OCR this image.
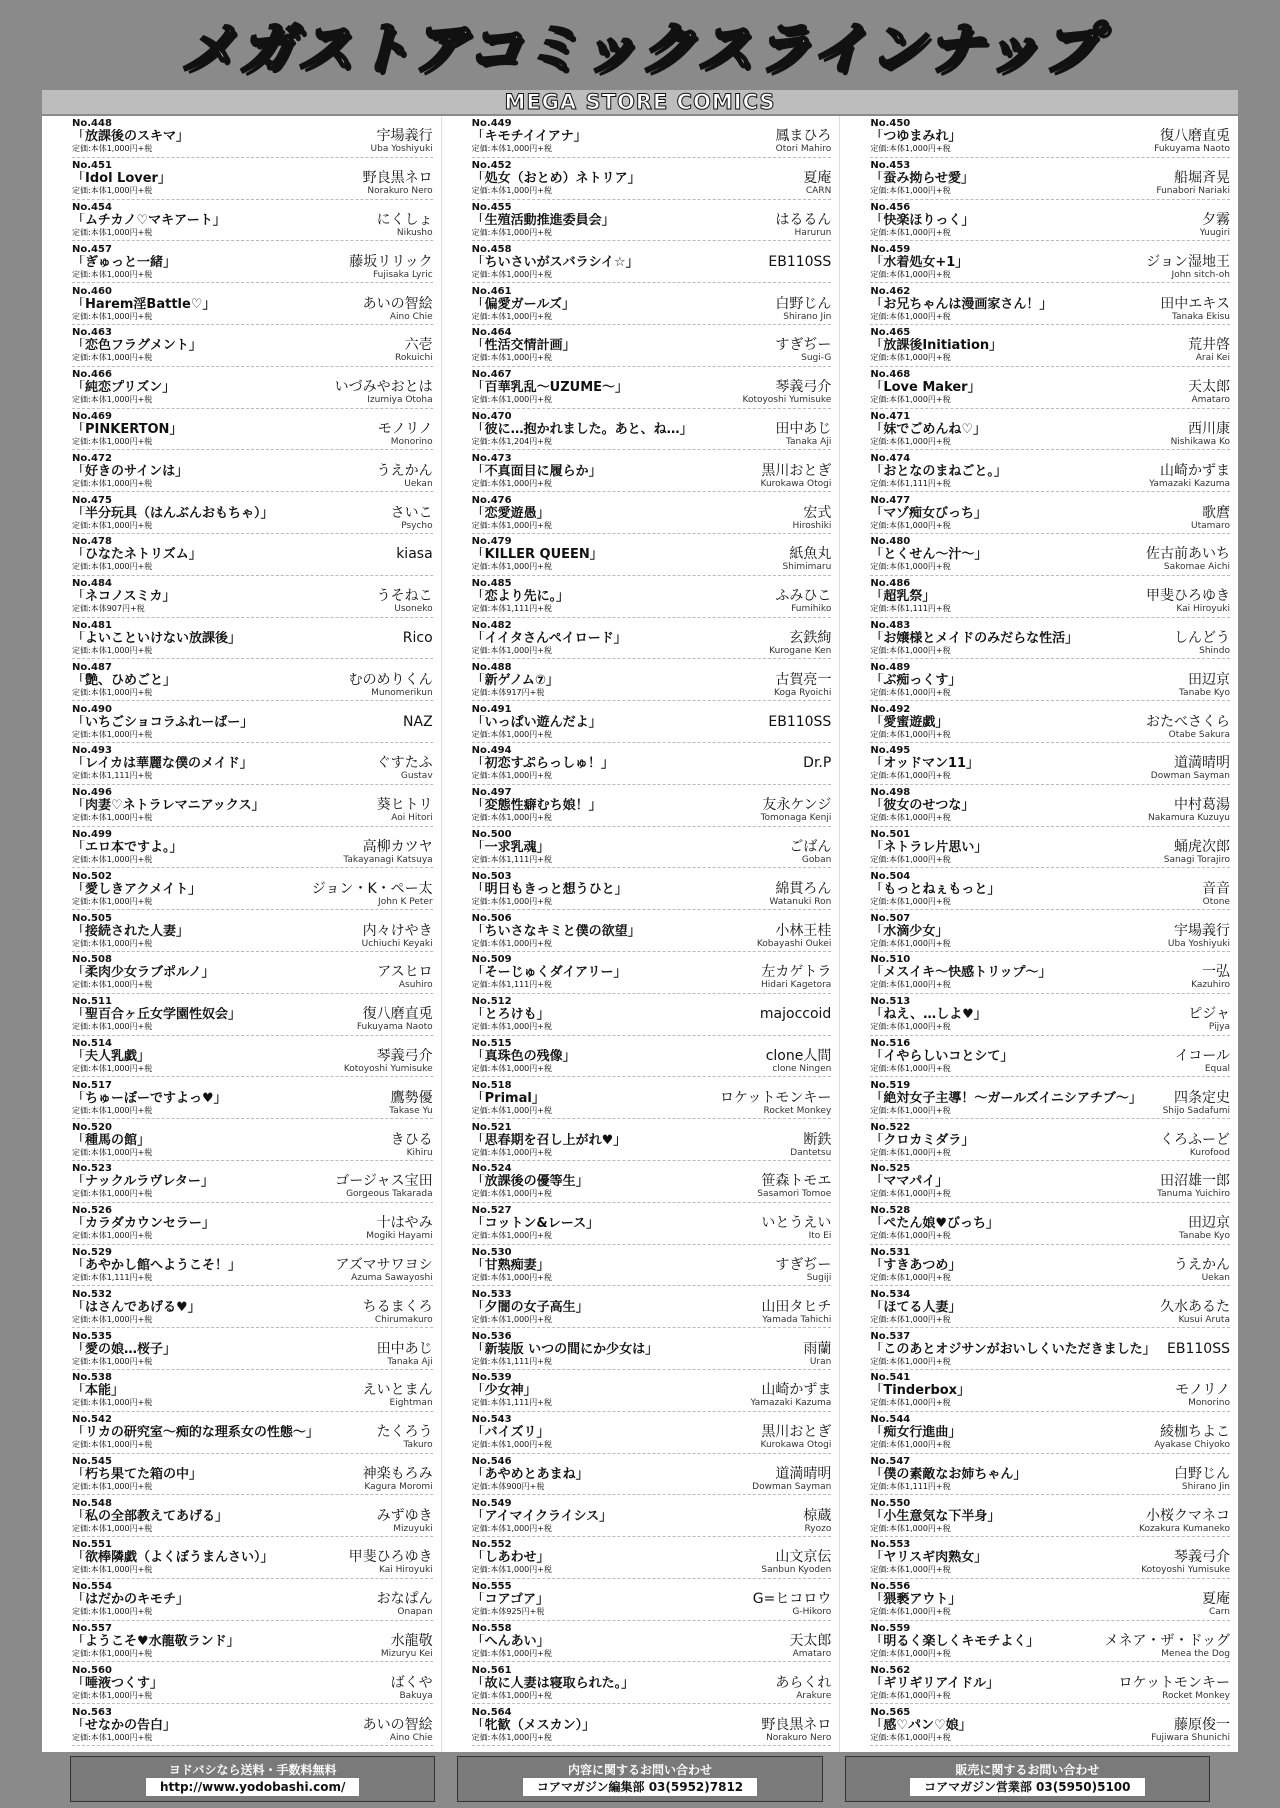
メガストアコミックスラインナップ
MEGA STORE COMICS
No.448
「放課後のスキマ」	宇場義行
定価:本体1,000円+税	Uba Yoshiyuki
No.451
「Idol Lover」	野良黒ネロ
定価:本体1,000円+税	Norakuro Nero
No.454
「ムチカノ♡マキアート」	にくしょ
定価:本体1,000円+税	Nikusho
No.457
「ぎゅっと一緒」	藤坂リリック
定価:本体1,000円+税	Fujisaka Lyric
No.460
「Harem淫Battle♡」	あいの智絵
定価:本体1,000円+税	Aino Chie
No.463
「恋色フラグメント」	六壱
定価:本体1,000円+税	Rokuichi
No.466
「純恋プリズン」	いづみやおとは
定価:本体1,000円+税	Izumiya Otoha
No.469
「PINKERTON」	モノリノ
定価:本体1,000円+税	Monorino
No.472
「好きのサインは」	うえかん
定価:本体1,000円+税	Uekan
No.475
「半分玩具（はんぶんおもちゃ）」	さいこ
定価:本体1,000円+税	Psycho
No.478
「ひなたネトリズム」	kiasa
定価:本体1,000円+税
No.484
「ネコノスミカ」	うそねこ
定価:本体907円+税	Usoneko
No.481
「よいこといけない放課後」	Rico
定価:本体1,000円+税
No.487
「艶、ひめごと」	むのめりくん
定価:本体1,000円+税	Munomerikun
No.490
「いちごショコラふれーばー」	NAZ
定価:本体1,000円+税
No.493
「レイカは華麗な僕のメイド」	ぐすたふ
定価:本体1,111円+税	Gustav
No.496
「肉妻♡ネトラレマニアックス」	葵ヒトリ
定価:本体1,000円+税	Aoi Hitori
No.499
「エロ本ですよ。」	高柳カツヤ
定価:本体1,000円+税	Takayanagi Katsuya
No.502
「愛しきアクメイト」	ジョン・K・ペー太
定価:本体1,000円+税	John K Peter
No.505
「接続された人妻」	内々けやき
定価:本体1,000円+税	Uchiuchi Keyaki
No.508
「柔肉少女ラブポルノ」	アスヒロ
定価:本体1,000円+税	Asuhiro
No.511
「聖百合ヶ丘女学園性奴会」	復八磨直兎
定価:本体1,000円+税	Fukuyama Naoto
No.514
「夫人乳戯」	琴義弓介
定価:本体1,000円+税	Kotoyoshi Yumisuke
No.517
「ちゅーぼーですよっ♥」	鷹勢優
定価:本体1,000円+税	Takase Yu
No.520
「種馬の館」	きひる
定価:本体1,000円+税	Kihiru
No.523
「ナックルラヴレター」	ゴージャス宝田
定価:本体1,000円+税	Gorgeous Takarada
No.526
「カラダカウンセラー」	十はやみ
定価:本体1,000円+税	Mogiki Hayami
No.529
「あやかし館へようこそ！」	アズマサワヨシ
定価:本体1,111円+税	Azuma Sawayoshi
No.532
「はさんであげる♥」	ちるまくろ
定価:本体1,000円+税	Chirumakuro
No.535
「愛の娘…桜子」	田中あじ
定価:本体1,000円+税	Tanaka Aji
No.538
「本能」	えいとまん
定価:本体1,000円+税	Eightman
No.542
「リカの研究室～痴的な理系女の性態～」	たくろう
定価:本体1,000円+税	Takuro
No.545
「朽ち果てた箱の中」	神楽もろみ
定価:本体1,000円+税	Kagura Moromi
No.548
「私の全部教えてあげる」	みずゆき
定価:本体1,000円+税	Mizuyuki
No.551
「欲棒隣戯（よくぼうまんさい）」	甲斐ひろゆき
定価:本体1,000円+税	Kai Hiroyuki
No.554
「はだかのキモチ」	おなぱん
定価:本体1,000円+税	Onapan
No.557
「ようこそ♥水龍敬ランド」	水龍敬
定価:本体1,000円+税	Mizuryu Kei
No.560
「唾液つくす」	ばくや
定価:本体1,000円+税	Bakuya
No.563
「せなかの告白」	あいの智絵
定価:本体1,000円+税	Aino Chie
No.449
「キモチイイアナ」	鳳まひろ
定価:本体1,000円+税	Otori Mahiro
No.452
「処女（おとめ）ネトリア」	夏庵
定価:本体1,000円+税	CARN
No.455
「生殖活動推進委員会」	はるるん
定価:本体1,000円+税	Harurun
No.458
「ちいさいがスバラシイ☆」	EB110SS
定価:本体1,000円+税
No.461
「偏愛ガールズ」	白野じん
定価:本体1,000円+税	Shirano Jin
No.464
「性活交情計画」	すぎぢー
定価:本体1,000円+税	Sugi-G
No.467
「百華乳乱～UZUME～」	琴義弓介
定価:本体1,000円+税	Kotoyoshi Yumisuke
No.470
「彼に…抱かれました。あと、ね…」	田中あじ
定価:本体1,204円+税	Tanaka Aji
No.473
「不真面目に履らか」	黒川おとぎ
定価:本体1,000円+税	Kurokawa Otogi
No.476
「恋愛遊愚」	宏式
定価:本体1,000円+税	Hiroshiki
No.479
「KILLER QUEEN」	紙魚丸
定価:本体1,000円+税	Shimimaru
No.485
「恋より先に。」	ふみひこ
定価:本体1,111円+税	Fumihiko
No.482
「イイタさんペイロード」	玄鉄絢
定価:本体1,000円+税	Kurogane Ken
No.488
「新ゲノム⑦」	古賀亮一
定価:本体917円+税	Koga Ryoichi
No.491
「いっぱい遊んだよ」	EB110SS
定価:本体1,000円+税
No.494
「初恋すぷらっしゅ！」	Dr.P
定価:本体1,000円+税
No.497
「変態性癖むち娘！」	友永ケンジ
定価:本体1,000円+税	Tomonaga Kenji
No.500
「一求乳魂」	ごばん
定価:本体1,111円+税	Goban
No.503
「明日もきっと想うひと」	綿貫ろん
定価:本体1,000円+税	Watanuki Ron
No.506
「ちいさなキミと僕の欲望」	小林王桂
定価:本体1,000円+税	Kobayashi Oukei
No.509
「そーじゅくダイアリー」	左カゲトラ
定価:本体1,111円+税	Hidari Kagetora
No.512
「とろけも」	majoccoid
定価:本体1,000円+税
No.515
「真珠色の残像」	clone人間
定価:本体1,000円+税	clone Ningen
No.518
「Primal」	ロケットモンキー
定価:本体1,000円+税	Rocket Monkey
No.521
「思春期を召し上がれ♥」	断鉄
定価:本体1,000円+税	Dantetsu
No.524
「放課後の優等生」	笹森トモエ
定価:本体1,000円+税	Sasamori Tomoe
No.527
「コットン&レース」	いとうえい
定価:本体1,000円+税	Ito Ei
No.530
「甘熟痴妻」	すぎぢー
定価:本体1,000円+税	Sugiji
No.533
「夕闇の女子高生」	山田タヒチ
定価:本体1,000円+税	Yamada Tahichi
No.536
「新装版 いつの間にか少女は」	雨蘭
定価:本体1,111円+税	Uran
No.539
「少女神」	山崎かずま
定価:本体1,111円+税	Yamazaki Kazuma
No.543
「バイズリ」	黒川おとぎ
定価:本体1,000円+税	Kurokawa Otogi
No.546
「あやめとあまね」	道満晴明
定価:本体900円+税	Dowman Sayman
No.549
「アイマイクライシス」	椋蔵
定価:本体1,000円+税	Ryozo
No.552
「しあわせ」	山文京伝
定価:本体1,000円+税	Sanbun Kyoden
No.555
「コアゴア」	G=ヒコロウ
定価:本体925円+税	G-Hikoro
No.558
「へんあい」	天太郎
定価:本体1,000円+税	Amatarо
No.561
「故に人妻は寝取られた。」	あらくれ
定価:本体1,000円+税	Arakure
No.564
「牝歓（メスカン）」	野良黒ネロ
定価:本体1,000円+税	Norakuro Nero
No.450
「つゆまみれ」	復八磨直兎
定価:本体1,000円+税	Fukuyama Naoto
No.453
「蚕み拗らせ愛」	船堀斉晃
定価:本体1,000円+税	Funabori Nariaki
No.456
「快楽ほりっく」	夕霧
定価:本体1,000円+税	Yuugiri
No.459
「水着処女+1」	ジョン湿地王
定価:本体1,000円+税	John sitch-oh
No.462
「お兄ちゃんは漫画家さん！」	田中エキス
定価:本体1,000円+税	Tanaka Ekisu
No.465
「放課後Initiation」	荒井啓
定価:本体1,000円+税	Arai Kei
No.468
「Love Maker」	天太郎
定価:本体1,000円+税	Amataro
No.471
「妹でごめんね♡」	西川康
定価:本体1,000円+税	Nishikawa Ko
No.474
「おとなのまねごと。」	山崎かずま
定価:本体1,111円+税	Yamazaki Kazuma
No.477
「マゾ痴女びっち」	歌麿
定価:本体1,000円+税	Utamaro
No.480
「とくせん～汁～」	佐古前あいち
定価:本体1,000円+税	Sakomae Aichi
No.486
「超乳祭」	甲斐ひろゆき
定価:本体1,111円+税	Kai Hiroyuki
No.483
「お嬢様とメイドのみだらな性活」	しんどう
定価:本体1,000円+税	Shindo
No.489
「ぶ痴っくす」	田辺京
定価:本体1,000円+税	Tanabe Kyo
No.492
「愛蜜遊戯」	おたべさくら
定価:本体1,000円+税	Otabe Sakura
No.495
「オッドマン11」	道満晴明
定価:本体1,000円+税	Dowman Sayman
No.498
「彼女のせつな」	中村葛湯
定価:本体1,000円+税	Nakamura Kuzuyu
No.501
「ネトラレ片思い」	蛹虎次郎
定価:本体1,000円+税	Sanagi Torajiro
No.504
「もっとねぇもっと」	音音
定価:本体1,000円+税	Otone
No.507
「水滴少女」	宇場義行
定価:本体1,000円+税	Uba Yoshiyuki
No.510
「メスイキ～快感トリップ～」	一弘
定価:本体1,000円+税	Kazuhiro
No.513
「ねえ、…しよ♥」	ピジャ
定価:本体1,000円+税	Pijya
No.516
「イやらしいコとシて」	イコール
定価:本体1,000円+税	Equal
No.519
「絶対女子主導！～ガールズイニシアチブ～」 四条定史
定価:本体1,000円+税	Shijo Sadafumi
No.522
「クロカミダラ」	くろふーど
定価:本体1,000円+税	Kurofood
No.525
「ママパイ」	田沼雄一郎
定価:本体1,000円+税	Tanuma Yuichiro
No.528
「ぺたん娘♥びっち」	田辺京
定価:本体1,000円+税	Tanabe Kyo
No.531
「すきあつめ」	うえかん
定価:本体1,000円+税	Uekan
No.534
「ほてる人妻」	久水あるた
定価:本体1,000円+税	Kusui Aruta
No.537
「このあとオジサンがおいしくいただきました」 EB110SS
定価:本体1,000円+税
No.541
「Tinderbox」	モノリノ
定価:本体1,000円+税	Monorino
No.544
「痴女行進曲」	綾枷ちよこ
定価:本体1,000円+税	Ayakase Chiyoko
No.547
「僕の素敵なお姉ちゃん」	白野じん
定価:本体1,111円+税	Shirano Jin
No.550
「小生意気な下半身」	小桜クマネコ
定価:本体1,000円+税	Kozakura Kumaneko
No.553
「ヤリスギ肉熟女」	琴義弓介
定価:本体1,000円+税	Kotoyoshi Yumisuke
No.556
「猥褻アウト」	夏庵
定価:本体1,000円+税	Carn
No.559
「明るく楽しくキモチよく」	メネア・ザ・ドッグ
定価:本体1,000円+税	Menea the Dog
No.562
「ギリギリアイドル」	ロケットモンキー
定価:本体1,000円+税	Rocket Monkey
No.565
「感♡パン♡娘」	藤原俊一
定価:本体1,000円+税	Fujiwara Shunichi
ヨドバシなら送料・手数料無料
http://www.yodobashi.com/
内容に関するお問い合わせ
コアマガジン編集部 03(5952)7812
販売に関するお問い合わせ
コアマガジン営業部 03(5950)5100
